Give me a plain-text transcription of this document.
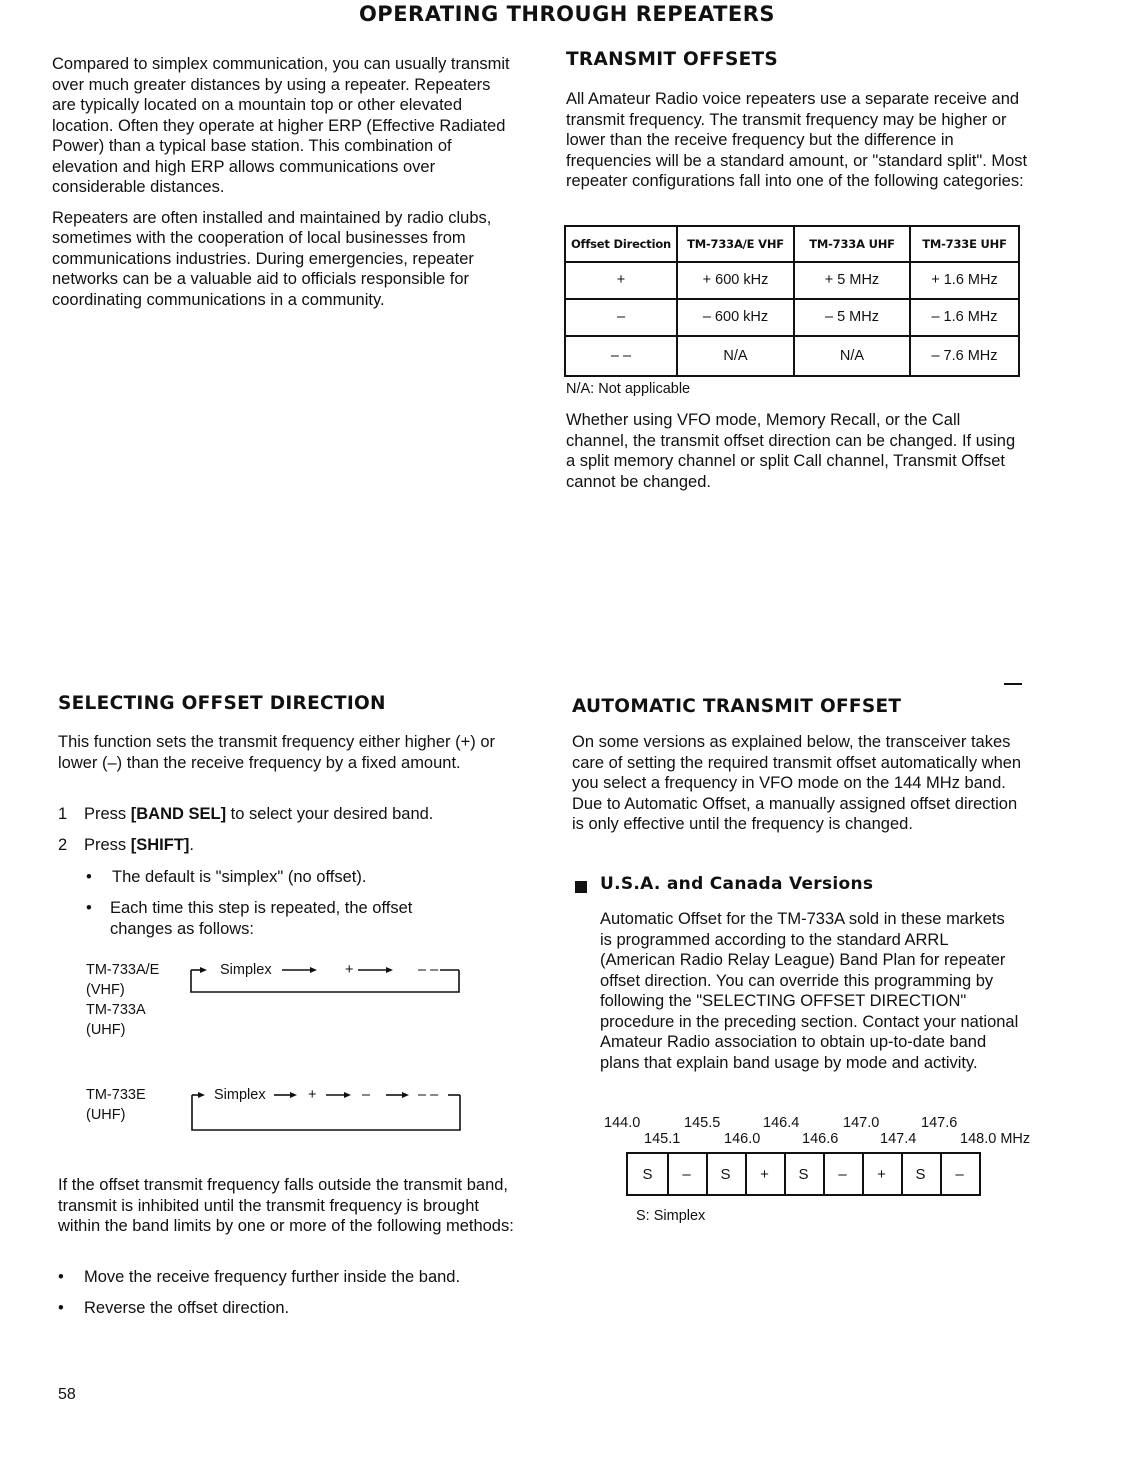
OPERATING THROUGH REPEATERS

Compared to simplex communication, you can usually transmit over much greater distances by using a repeater. Repeaters are typically located on a mountain top or other elevated location. Often they operate at higher ERP (Effective Radiated Power) than a typical base station. This combination of elevation and high ERP allows communications over considerable distances.

Repeaters are often installed and maintained by radio clubs, sometimes with the cooperation of local businesses from communications industries. During emergencies, repeater networks can be a valuable aid to officials responsible for coordinating communications in a community.

TRANSMIT OFFSETS
All Amateur Radio voice repeaters use a separate receive and transmit frequency. The transmit frequency may be higher or lower than the receive frequency but the difference in frequencies will be a standard amount, or "standard split". Most repeater configurations fall into one of the following categories:
Offset Direction	TM-733A/E VHF	TM-733A UHF	TM-733E UHF
+	+ 600 kHz	+ 5 MHz	+ 1.6 MHz
–	– 600 kHz	– 5 MHz	– 1.6 MHz
– –	N/A	N/A	– 7.6 MHz
N/A: Not applicable
Whether using VFO mode, Memory Recall, or the Call channel, the transmit offset direction can be changed. If using a split memory channel or split Call channel, Transmit Offset cannot be changed.
SELECTING OFFSET DIRECTION
This function sets the transmit frequency either higher (+) or lower (–) than the receive frequency by a fixed amount.
1 Press [BAND SEL] to select your desired band.
2 Press [SHIFT].
• The default is "simplex" (no offset).
• Each time this step is repeated, the offset changes as follows:
TM-733A/E
(VHF)
TM-733A
(UHF)
Simplex	+	– –
TM-733E
(UHF)
Simplex	+	–	– –
If the offset transmit frequency falls outside the transmit band, transmit is inhibited until the transmit frequency is brought within the band limits by one or more of the following methods:
• Move the receive frequency further inside the band.
• Reverse the offset direction.
AUTOMATIC TRANSMIT OFFSET
On some versions as explained below, the transceiver takes care of setting the required transmit offset automatically when you select a frequency in VFO mode on the 144 MHz band. Due to Automatic Offset, a manually assigned offset direction is only effective until the frequency is changed.
U.S.A. and Canada Versions
Automatic Offset for the TM-733A sold in these markets is programmed according to the standard ARRL (American Radio Relay League) Band Plan for repeater offset direction. You can override this programming by following the "SELECTING OFFSET DIRECTION" procedure in the preceding section. Contact your national Amateur Radio association to obtain up-to-date band plans that explain band usage by mode and activity.
144.0	145.5	146.4	147.0	147.6
145.1	146.0	146.6	147.4	148.0 MHz
S	–	S	+	S	–	+	S	–
S: Simplex
58
